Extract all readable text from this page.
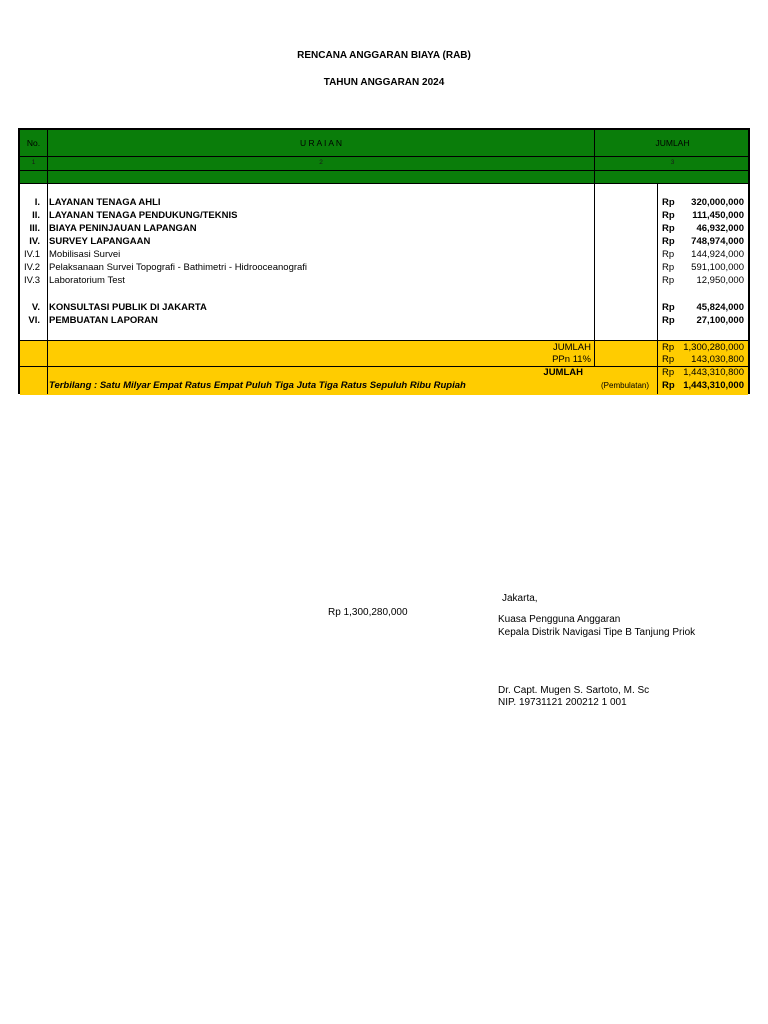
RENCANA ANGGARAN BIAYA (RAB)
TAHUN ANGGARAN 2024
No.	U R A I A N	JUMLAH
1	2	3
I. LAYANAN TENAGA AHLI	Rp 320,000,000
II. LAYANAN TENAGA PENDUKUNG/TEKNIS	Rp 111,450,000
III. BIAYA PENINJAUAN LAPANGAN	Rp 46,932,000
IV. SURVEY LAPANGAAN	Rp 748,974,000
IV.1 Mobilisasi Survei	Rp 144,924,000
IV.2 Pelaksanaan Survei Topografi - Bathimetri - Hidrooceanografi	Rp 591,100,000
IV.3 Laboratorium Test	Rp 12,950,000
V. KONSULTASI PUBLIK DI JAKARTA	Rp 45,824,000
VI. PEMBUATAN LAPORAN	Rp 27,100,000
JUMLAH	Rp 1,300,280,000
PPn 11%	Rp 143,030,800
JUMLAH	Rp 1,443,310,800
Terbilang : Satu Milyar Empat Ratus Empat Puluh Tiga Juta Tiga Ratus Sepuluh Ribu Rupiah	(Pembulatan) Rp 1,443,310,000
Rp 1,300,280,000
Jakarta,
Kuasa Pengguna Anggaran
Kepala Distrik Navigasi Tipe B Tanjung Priok
Dr. Capt. Mugen S. Sartoto, M. Sc
NIP. 19731121 200212 1 001
